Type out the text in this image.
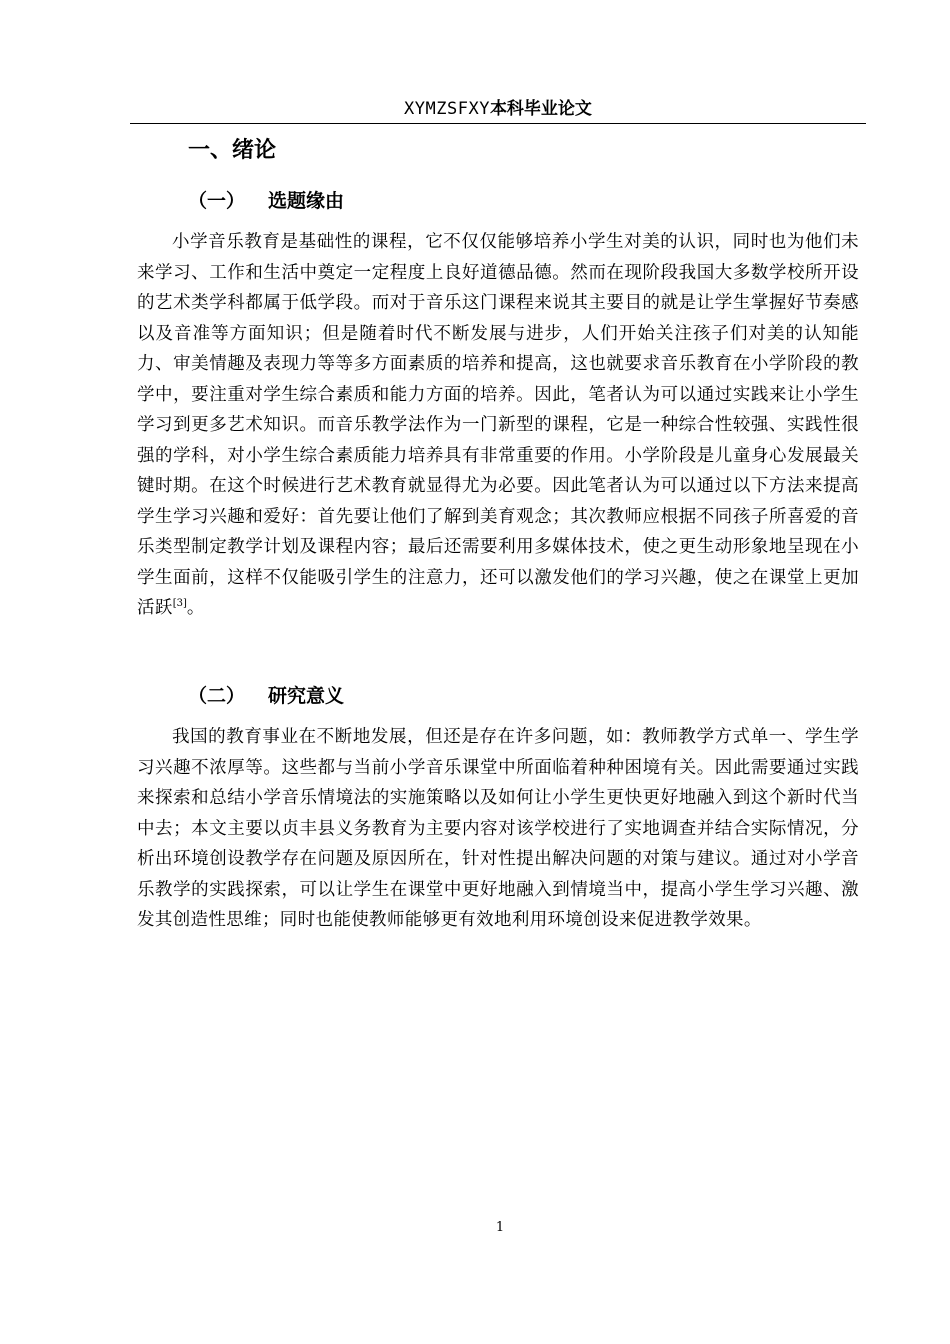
XYMZSFXY本科毕业论文
一、绪论
（一） 选题缘由

小学音乐教育是基础性的课程，它不仅仅能够培养小学生对美的认识，同时也为他们未来学习、工作和生活中奠定一定程度上良好道德品德。然而在现阶段我国大多数学校所开设的艺术类学科都属于低学段。而对于音乐这门课程来说其主要目的就是让学生掌握好节奏感以及音准等方面知识；但是随着时代不断发展与进步，人们开始关注孩子们对美的认知能力、审美情趣及表现力等等多方面素质的培养和提高，这也就要求音乐教育在小学阶段的教学中，要注重对学生综合素质和能力方面的培养。因此，笔者认为可以通过实践来让小学生学习到更多艺术知识。而音乐教学法作为一门新型的课程，它是一种综合性较强、实践性很强的学科，对小学生综合素质能力培养具有非常重要的作用。小学阶段是儿童身心发展最关键时期。在这个时候进行艺术教育就显得尤为必要。因此笔者认为可以通过以下方法来提高学生学习兴趣和爱好：首先要让他们了解到美育观念；其次教师应根据不同孩子所喜爱的音乐类型制定教学计划及课程内容；最后还需要利用多媒体技术，使之更生动形象地呈现在小学生面前，这样不仅能吸引学生的注意力，还可以激发他们的学习兴趣，使之在课堂上更加活跃[3]。

（二） 研究意义

我国的教育事业在不断地发展，但还是存在许多问题，如：教师教学方式单一、学生学习兴趣不浓厚等。这些都与当前小学音乐课堂中所面临着种种困境有关。因此需要通过实践来探索和总结小学音乐情境法的实施策略以及如何让小学生更快更好地融入到这个新时代当中去；本文主要以贞丰县义务教育为主要内容对该学校进行了实地调查并结合实际情况，分析出环境创设教学存在问题及原因所在，针对性提出解决问题的对策与建议。通过对小学音乐教学的实践探索，可以让学生在课堂中更好地融入到情境当中，提高小学生学习兴趣、激发其创造性思维；同时也能使教师能够更有效地利用环境创设来促进教学效果。

1
